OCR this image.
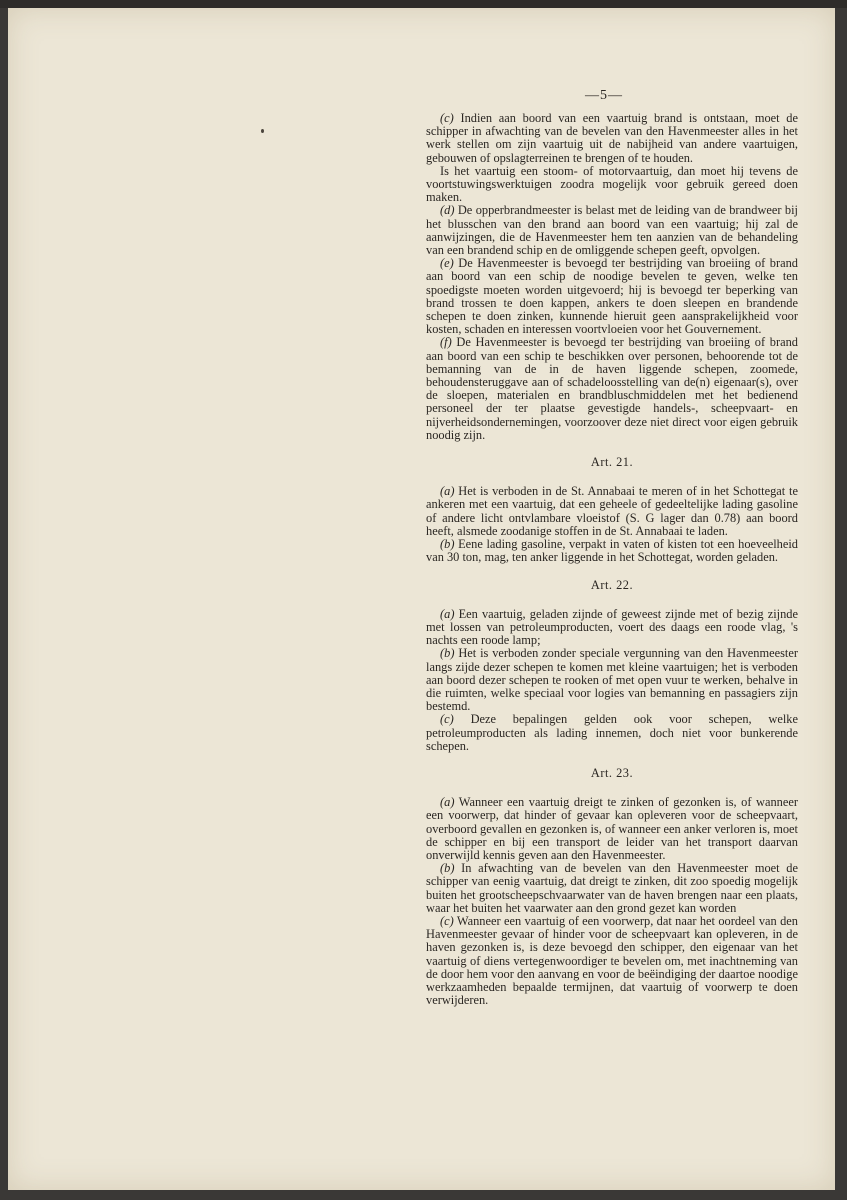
—5—

(c) Indien aan boord van een vaartuig brand is ontstaan, moet de schipper in afwachting van de bevelen van den Havenmeester alles in het werk stellen om zijn vaartuig uit de nabijheid van andere vaartuigen, gebouwen of opslagterreinen te brengen of te houden.

Is het vaartuig een stoom- of motorvaartuig, dan moet hij tevens de voortstuwingswerktuigen zoodra mogelijk voor gebruik gereed doen maken.

(d) De opperbrandmeester is belast met de leiding van de brandweer bij het blusschen van den brand aan boord van een vaartuig; hij zal de aanwijzingen, die de Havenmeester hem ten aanzien van de behandeling van een brandend schip en de omliggende schepen geeft, opvolgen.

(e) De Havenmeester is bevoegd ter bestrijding van broeiing of brand aan boord van een schip de noodige bevelen te geven, welke ten spoedigste moeten worden uitgevoerd; hij is bevoegd ter beperking van brand trossen te doen kappen, ankers te doen sleepen en brandende schepen te doen zinken, kunnende hieruit geen aansprakelijkheid voor kosten, schaden en interessen voortvloeien voor het Gouvernement.

(f) De Havenmeester is bevoegd ter bestrijding van broeiing of brand aan boord van een schip te beschikken over personen, behoorende tot de bemanning van de in de haven liggende schepen, zoomede, behoudensteruggave aan of schadeloosstelling van de(n) eigenaar(s), over de sloepen, materialen en brandbluschmiddelen met het bedienend personeel der ter plaatse gevestigde handels-, scheepvaart- en nijverheidsondernemingen, voorzoover deze niet direct voor eigen gebruik noodig zijn.

Art. 21.

(a) Het is verboden in de St. Annabaai te meren of in het Schottegat te ankeren met een vaartuig, dat een geheele of gedeeltelijke lading gasoline of andere licht ontvlambare vloeistof (S. G lager dan 0.78) aan boord heeft, alsmede zoodanige stoffen in de St. Annabaai te laden.

(b) Eene lading gasoline, verpakt in vaten of kisten tot een hoeveelheid van 30 ton, mag, ten anker liggende in het Schottegat, worden geladen.

Art. 22.

(a) Een vaartuig, geladen zijnde of geweest zijnde met of bezig zijnde met lossen van petroleumproducten, voert des daags een roode vlag, 's nachts een roode lamp;

(b) Het is verboden zonder speciale vergunning van den Havenmeester langs zijde dezer schepen te komen met kleine vaartuigen; het is verboden aan boord dezer schepen te rooken of met open vuur te werken, behalve in die ruimten, welke speciaal voor logies van bemanning en passagiers zijn bestemd.

(c) Deze bepalingen gelden ook voor schepen, welke petroleumproducten als lading innemen, doch niet voor bunkerende schepen.

Art. 23.

(a) Wanneer een vaartuig dreigt te zinken of gezonken is, of wanneer een voorwerp, dat hinder of gevaar kan opleveren voor de scheepvaart, overboord gevallen en gezonken is, of wanneer een anker verloren is, moet de schipper en bij een transport de leider van het transport daarvan onverwijld kennis geven aan den Havenmeester.

(b) In afwachting van de bevelen van den Havenmeester moet de schipper van eenig vaartuig, dat dreigt te zinken, dit zoo spoedig mogelijk buiten het grootscheepschvaarwater van de haven brengen naar een plaats, waar het buiten het vaarwater aan den grond gezet kan worden

(c) Wanneer een vaartuig of een voorwerp, dat naar het oordeel van den Havenmeester gevaar of hinder voor de scheepvaart kan opleveren, in de haven gezonken is, is deze bevoegd den schipper, den eigenaar van het vaartuig of diens vertegenwoordiger te bevelen om, met inachtneming van de door hem voor den aanvang en voor de beëindiging der daartoe noodige werkzaamheden bepaalde termijnen, dat vaartuig of voorwerp te doen verwijderen.
